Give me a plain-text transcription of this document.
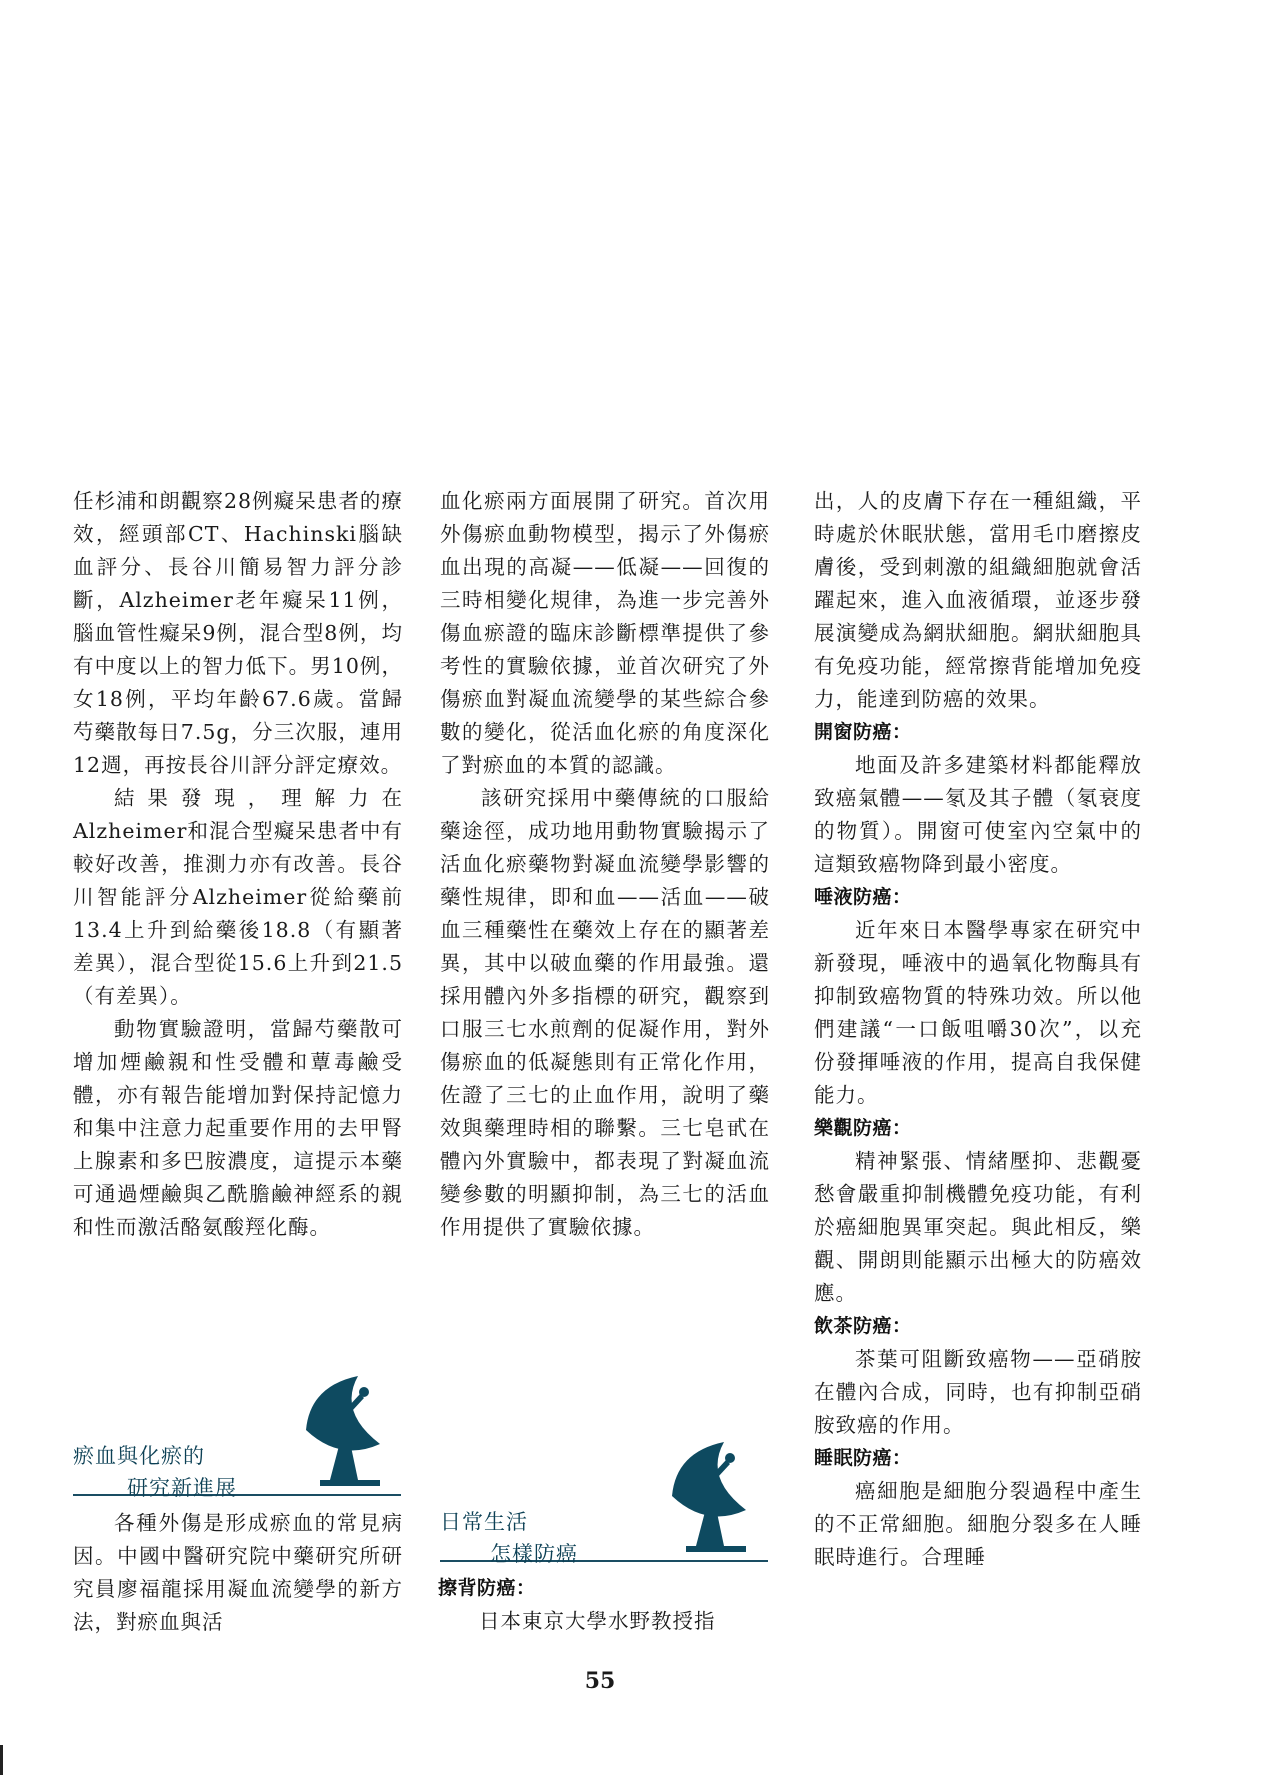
任杉浦和朗觀察28例癡呆患者的療效，經頭部CT、Hachinski腦缺血評分、長谷川簡易智力評分診斷，Alzheimer老年癡呆11例，腦血管性癡呆9例，混合型8例，均有中度以上的智力低下。男10例，女18例，平均年齡67.6歲。當歸芍藥散每日7.5g，分三次服，連用12週，再按長谷川評分評定療效。

結果發現，理解力在Alzheimer和混合型癡呆患者中有較好改善，推測力亦有改善。長谷川智能評分Alzheimer從給藥前13.4上升到給藥後18.8（有顯著差異），混合型從15.6上升到21.5（有差異）。

動物實驗證明，當歸芍藥散可增加煙鹼親和性受體和蕈毒鹼受體，亦有報告能增加對保持記憶力和集中注意力起重要作用的去甲腎上腺素和多巴胺濃度，這提示本藥可通過煙鹼與乙酰膽鹼神經系的親和性而激活酪氨酸羥化酶。

瘀血與化瘀的
研究新進展

各種外傷是形成瘀血的常見病因。中國中醫研究院中藥研究所研究員廖福龍採用凝血流變學的新方法，對瘀血與活

血化瘀兩方面展開了研究。首次用外傷瘀血動物模型，揭示了外傷瘀血出現的高凝——低凝——回復的三時相變化規律，為進一步完善外傷血瘀證的臨床診斷標準提供了參考性的實驗依據，並首次研究了外傷瘀血對凝血流變學的某些綜合參數的變化，從活血化瘀的角度深化了對瘀血的本質的認識。

該研究採用中藥傳統的口服給藥途徑，成功地用動物實驗揭示了活血化瘀藥物對凝血流變學影響的藥性規律，即和血——活血——破血三種藥性在藥效上存在的顯著差異，其中以破血藥的作用最強。還採用體內外多指標的研究，觀察到口服三七水煎劑的促凝作用，對外傷瘀血的低凝態則有正常化作用，佐證了三七的止血作用，說明了藥效與藥理時相的聯繫。三七皂甙在體內外實驗中，都表現了對凝血流變參數的明顯抑制，為三七的活血作用提供了實驗依據。

日常生活
怎樣防癌
擦背防癌：

日本東京大學水野教授指

出，人的皮膚下存在一種組織，平時處於休眠狀態，當用毛巾磨擦皮膚後，受到刺激的組織細胞就會活躍起來，進入血液循環，並逐步發展演變成為網狀細胞。網狀細胞具有免疫功能，經常擦背能增加免疫力，能達到防癌的效果。

開窗防癌：

地面及許多建築材料都能釋放致癌氣體——氡及其子體（氡衰度的物質）。開窗可使室內空氣中的這類致癌物降到最小密度。

唾液防癌：

近年來日本醫學專家在研究中新發現，唾液中的過氧化物酶具有抑制致癌物質的特殊功效。所以他們建議“一口飯咀嚼30次”，以充份發揮唾液的作用，提高自我保健能力。

樂觀防癌：

精神緊張、情緒壓抑、悲觀憂愁會嚴重抑制機體免疫功能，有利於癌細胞異軍突起。與此相反，樂觀、開朗則能顯示出極大的防癌效應。

飲茶防癌：

茶葉可阻斷致癌物——亞硝胺在體內合成，同時，也有抑制亞硝胺致癌的作用。

睡眠防癌：

癌細胞是細胞分裂過程中產生的不正常細胞。細胞分裂多在人睡眠時進行。合理睡

55
